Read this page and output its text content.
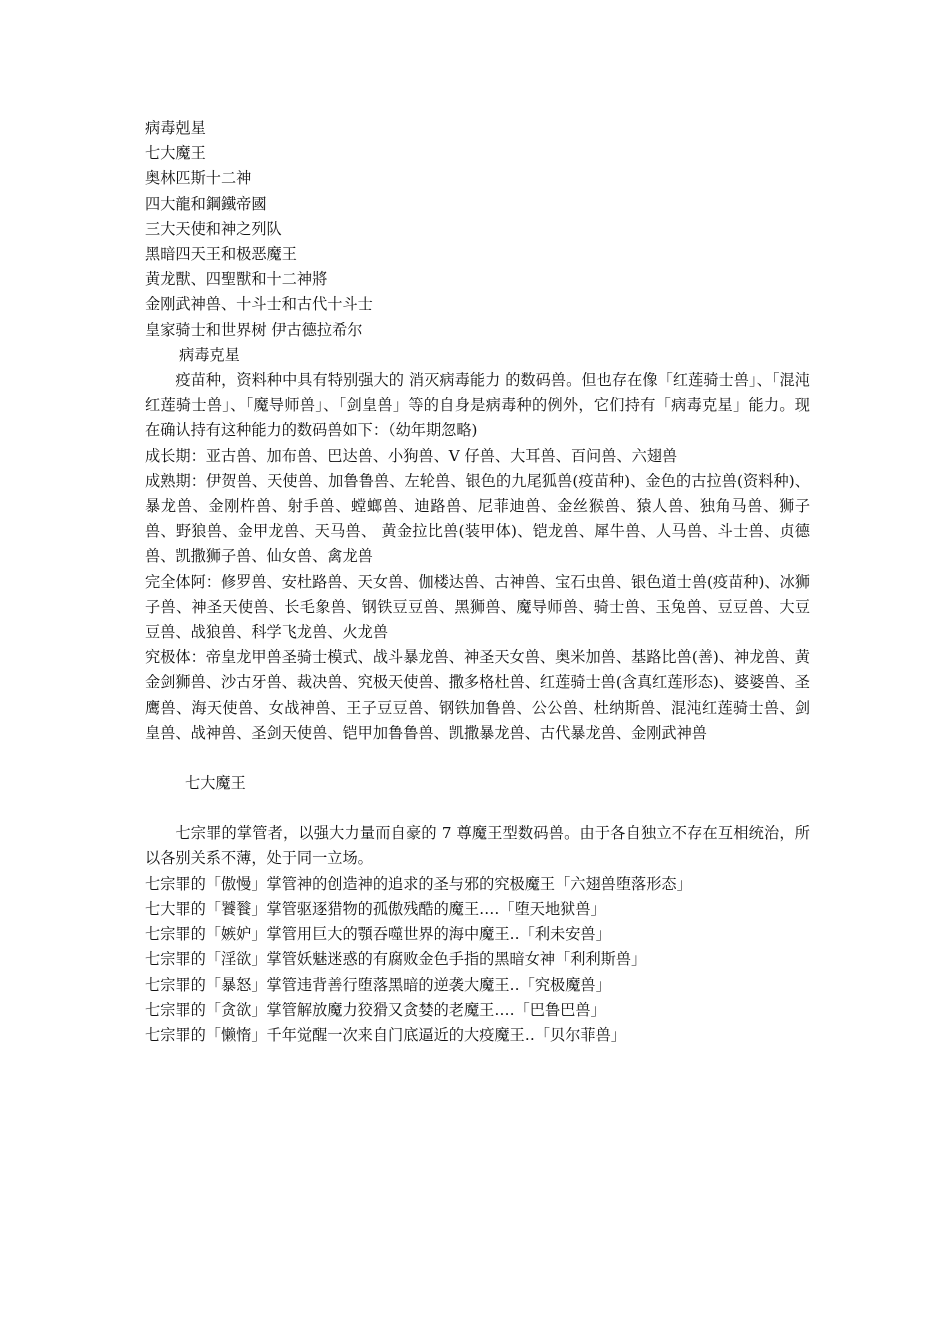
病毒剋星

七大魔王

奥林匹斯十二神

四大龍和鋼鐵帝國

三大天使和神之列队

黑暗四天王和极恶魔王

黄龙獸、四聖獸和十二神將

金刚武神兽、十斗士和古代十斗士

皇家骑士和世界树 伊古德拉希尔

病毒克星

疫苗种，资料种中具有特别强大的 消灭病毒能力 的数码兽。但也存在像「红莲骑士兽」、「混沌红莲骑士兽」、「魔导师兽」、「剑皇兽」等的自身是病毒种的例外，它们持有「病毒克星」能力。现在确认持有这种能力的数码兽如下：（幼年期忽略)

成长期：亚古兽、加布兽、巴达兽、小狗兽、V 仔兽、大耳兽、百问兽、六翅兽

成熟期：伊贺兽、天使兽、加鲁鲁兽、左轮兽、银色的九尾狐兽(疫苗种)、金色的古拉兽(资料种)、暴龙兽、金刚杵兽、射手兽、螳螂兽、迪路兽、尼菲迪兽、金丝猴兽、猿人兽、独角马兽、狮子兽、野狼兽、金甲龙兽、天马兽、 黄金拉比兽(装甲体)、铠龙兽、犀牛兽、人马兽、斗士兽、贞德兽、凯撒狮子兽、仙女兽、禽龙兽

完全体阿：修罗兽、安杜路兽、天女兽、伽楼达兽、古神兽、宝石虫兽、银色道士兽(疫苗种)、冰狮子兽、神圣天使兽、长毛象兽、钢铁豆豆兽、黑狮兽、魔导师兽、骑士兽、玉兔兽、豆豆兽、大豆豆兽、战狼兽、科学飞龙兽、火龙兽

究极体：帝皇龙甲兽圣骑士模式、战斗暴龙兽、神圣天女兽、奥米加兽、基路比兽(善)、神龙兽、黄金剑狮兽、沙古牙兽、裁决兽、究极天使兽、撒多格杜兽、红莲骑士兽(含真红莲形态)、婆婆兽、圣鹰兽、海天使兽、女战神兽、王子豆豆兽、钢铁加鲁兽、公公兽、杜纳斯兽、混沌红莲骑士兽、剑皇兽、战神兽、圣剑天使兽、铠甲加鲁鲁兽、凯撒暴龙兽、古代暴龙兽、金刚武神兽

七大魔王

七宗罪的掌管者，以强大力量而自豪的 7 尊魔王型数码兽。由于各自独立不存在互相统治，所以各别关系不薄，处于同一立场。

七宗罪的「傲慢」掌管神的创造神的追求的圣与邪的究极魔王「六翅兽堕落形态」

七大罪的「饕餮」掌管驱逐猎物的孤傲残酷的魔王‥‥「堕天地狱兽」

七宗罪的「嫉妒」掌管用巨大的顎吞噬世界的海中魔王‥「利未安兽」

七宗罪的「淫欲」掌管妖魅迷惑的有腐败金色手指的黑暗女神「利利斯兽」

七宗罪的「暴怒」掌管违背善行堕落黑暗的逆袭大魔王‥「究极魔兽」

七宗罪的「贪欲」掌管解放魔力狡猾又贪婪的老魔王‥‥「巴鲁巴兽」

七宗罪的「懒惰」千年觉醒一次来自门底逼近的大疫魔王‥「贝尔菲兽」
